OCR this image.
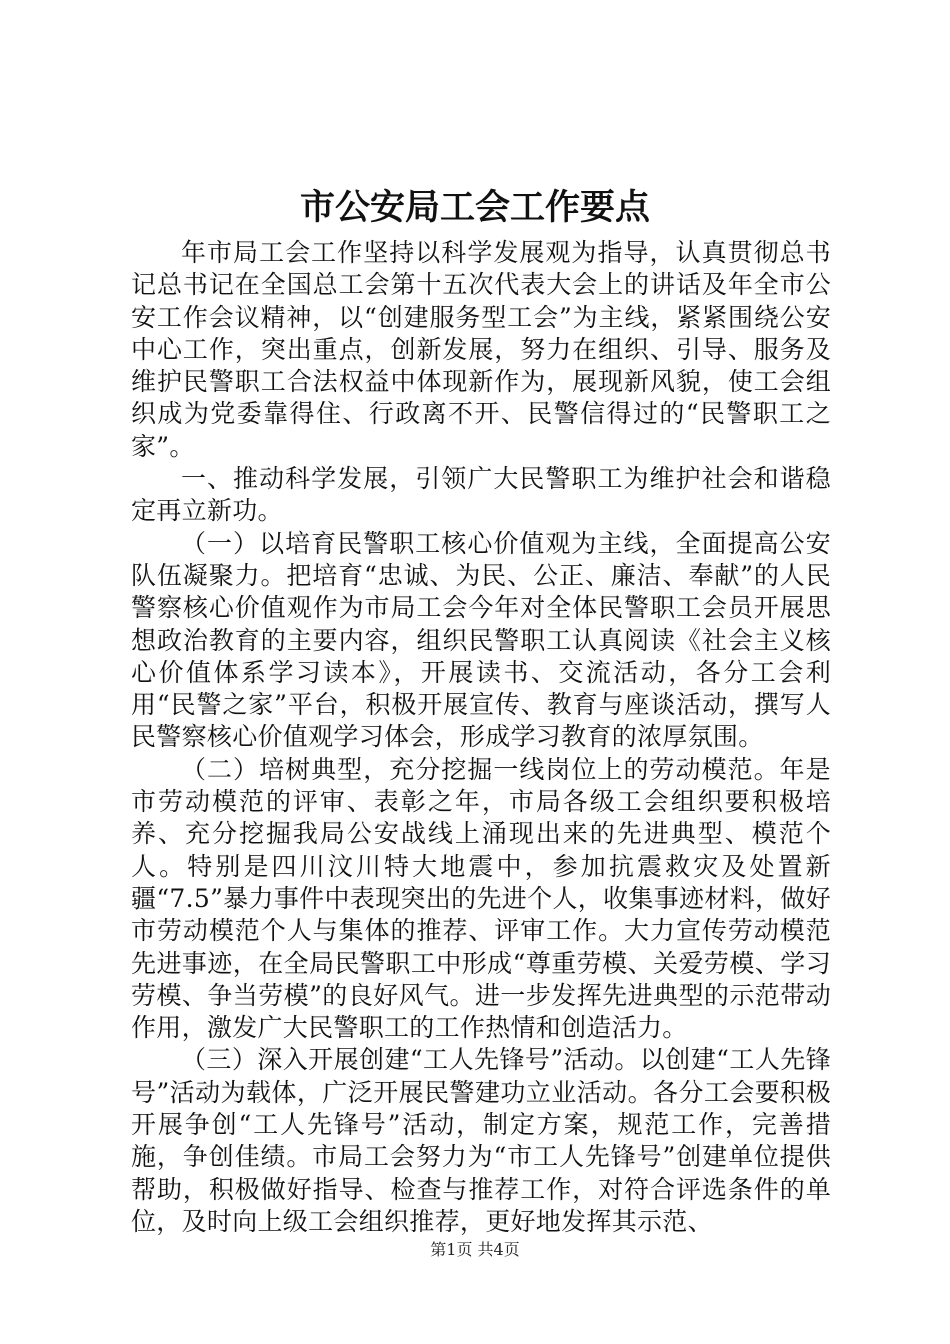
市公安局工会工作要点

年市局工会工作坚持以科学发展观为指导，认真贯彻总书记总书记在全国总工会第十五次代表大会上的讲话及年全市公安工作会议精神，以“创建服务型工会”为主线，紧紧围绕公安中心工作，突出重点，创新发展，努力在组织、引导、服务及维护民警职工合法权益中体现新作为，展现新风貌，使工会组织成为党委靠得住、行政离不开、民警信得过的“民警职工之家”。

一、推动科学发展，引领广大民警职工为维护社会和谐稳定再立新功。

（一）以培育民警职工核心价值观为主线，全面提高公安队伍凝聚力。把培育“忠诚、为民、公正、廉洁、奉献”的人民警察核心价值观作为市局工会今年对全体民警职工会员开展思想政治教育的主要内容，组织民警职工认真阅读《社会主义核心价值体系学习读本》，开展读书、交流活动，各分工会利用“民警之家”平台，积极开展宣传、教育与座谈活动，撰写人民警察核心价值观学习体会，形成学习教育的浓厚氛围。

（二）培树典型，充分挖掘一线岗位上的劳动模范。年是市劳动模范的评审、表彰之年，市局各级工会组织要积极培养、充分挖掘我局公安战线上涌现出来的先进典型、模范个人。特别是四川汶川特大地震中，参加抗震救灾及处置新疆“7.5”暴力事件中表现突出的先进个人，收集事迹材料，做好市劳动模范个人与集体的推荐、评审工作。大力宣传劳动模范先进事迹，在全局民警职工中形成“尊重劳模、关爱劳模、学习劳模、争当劳模”的良好风气。进一步发挥先进典型的示范带动作用，激发广大民警职工的工作热情和创造活力。

（三）深入开展创建“工人先锋号”活动。以创建“工人先锋号”活动为载体，广泛开展民警建功立业活动。各分工会要积极开展争创“工人先锋号”活动，制定方案，规范工作，完善措施，争创佳绩。市局工会努力为“市工人先锋号”创建单位提供帮助，积极做好指导、检查与推荐工作，对符合评选条件的单位，及时向上级工会组织推荐，更好地发挥其示范、

第1页 共4页
